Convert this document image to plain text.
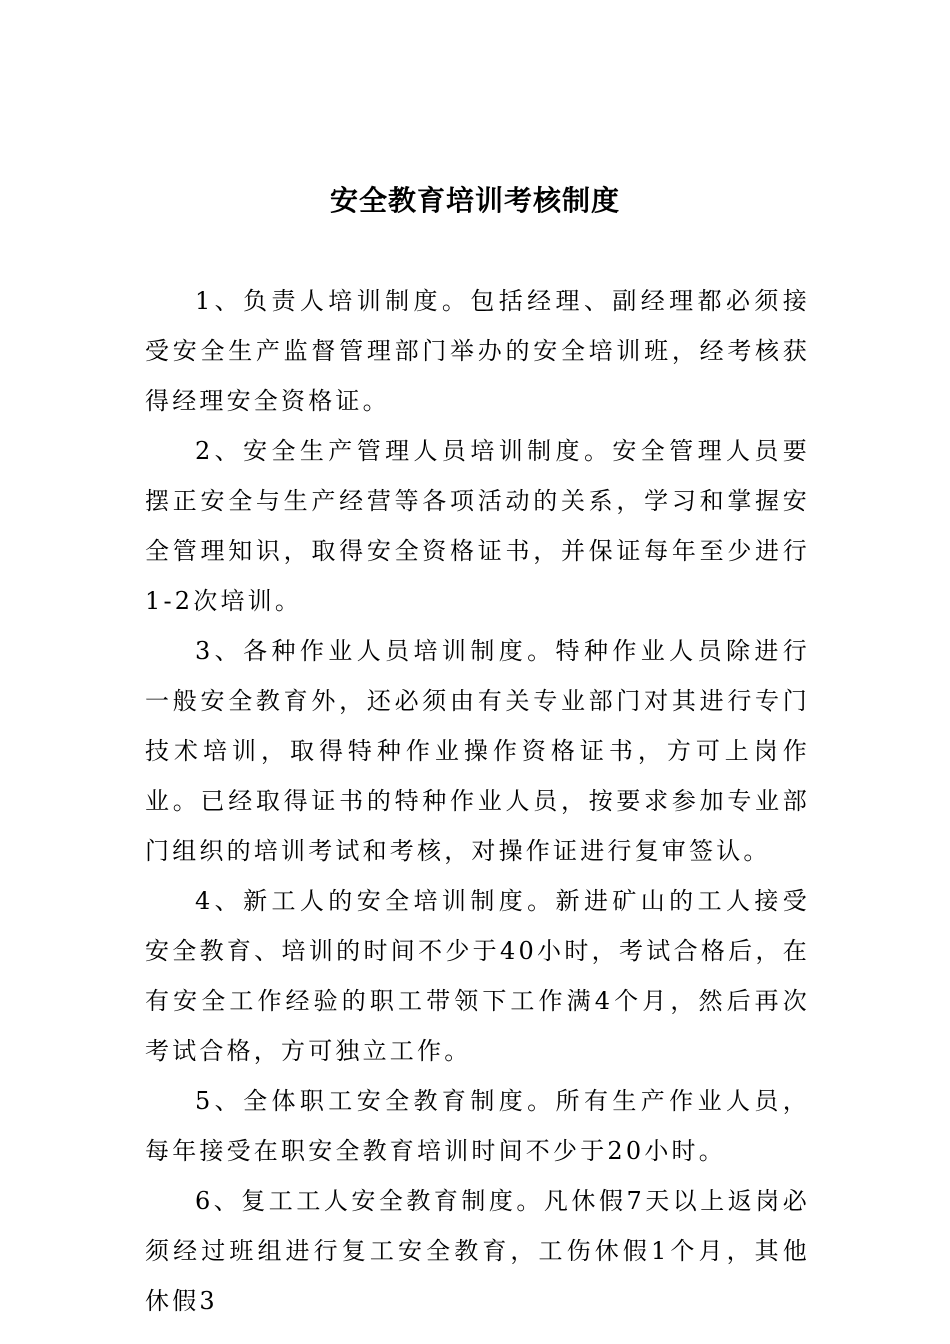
安全教育培训考核制度

1、负责人培训制度。包括经理、副经理都必须接受安全生产监督管理部门举办的安全培训班，经考核获得经理安全资格证。

2、安全生产管理人员培训制度。安全管理人员要摆正安全与生产经营等各项活动的关系，学习和掌握安全管理知识，取得安全资格证书，并保证每年至少进行1-2次培训。

3、各种作业人员培训制度。特种作业人员除进行一般安全教育外，还必须由有关专业部门对其进行专门技术培训，取得特种作业操作资格证书，方可上岗作业。已经取得证书的特种作业人员，按要求参加专业部门组织的培训考试和考核，对操作证进行复审签认。

4、新工人的安全培训制度。新进矿山的工人接受安全教育、培训的时间不少于40小时，考试合格后，在有安全工作经验的职工带领下工作满4个月，然后再次考试合格，方可独立工作。

5、全体职工安全教育制度。所有生产作业人员，每年接受在职安全教育培训时间不少于20小时。

6、复工工人安全教育制度。凡休假7天以上返岗必须经过班组进行复工安全教育，工伤休假1个月，其他休假3
